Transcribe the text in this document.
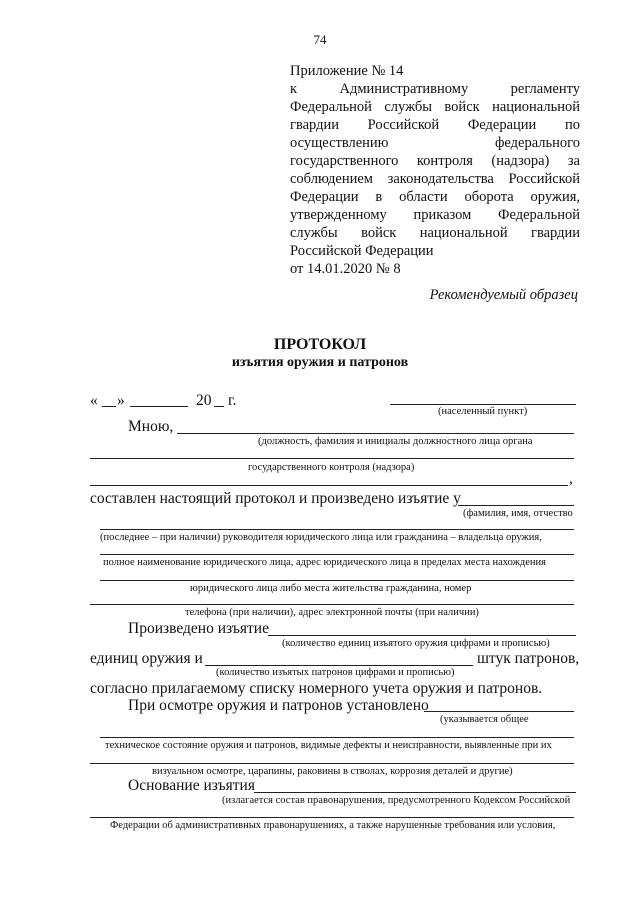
74
Приложение № 14
к Административному регламенту
Федеральной службы войск национальной
гвардии Российской Федерации по
осуществлению федерального
государственного контроля (надзора) за
соблюдением законодательства Российской
Федерации в области оборота оружия,
утвержденному приказом Федеральной
службы войск национальной гвардии
Российской Федерации
от 14.01.2020 № 8
Рекомендуемый образец
ПРОТОКОЛ
изъятия оружия и патронов
« »	20 г.
(населенный пункт)
Мною,
(должность, фамилия и инициалы должностного лица органа
государственного контроля (надзора)
,
составлен настоящий протокол и произведено изъятие у
(фамилия, имя, отчество
(последнее – при наличии) руководителя юридического лица или гражданина – владельца оружия,
полное наименование юридического лица, адрес юридического лица в пределах места нахождения
юридического лица либо места жительства гражданина, номер
телефона (при наличии), адрес электронной почты (при наличии)
Произведено изъятие
(количество единиц изъятого оружия цифрами и прописью)
единиц оружия и	штук патронов,
(количество изъятых патронов цифрами и прописью)
согласно прилагаемому списку номерного учета оружия и патронов.
При осмотре оружия и патронов установлено
(указывается общее
техническое состояние оружия и патронов, видимые дефекты и неисправности, выявленные при их
визуальном осмотре, царапины, раковины в стволах, коррозия деталей и другие)
Основание изъятия
(излагается состав правонарушения, предусмотренного Кодексом Российской
Федерации об административных правонарушениях, а также нарушенные требования или условия,
